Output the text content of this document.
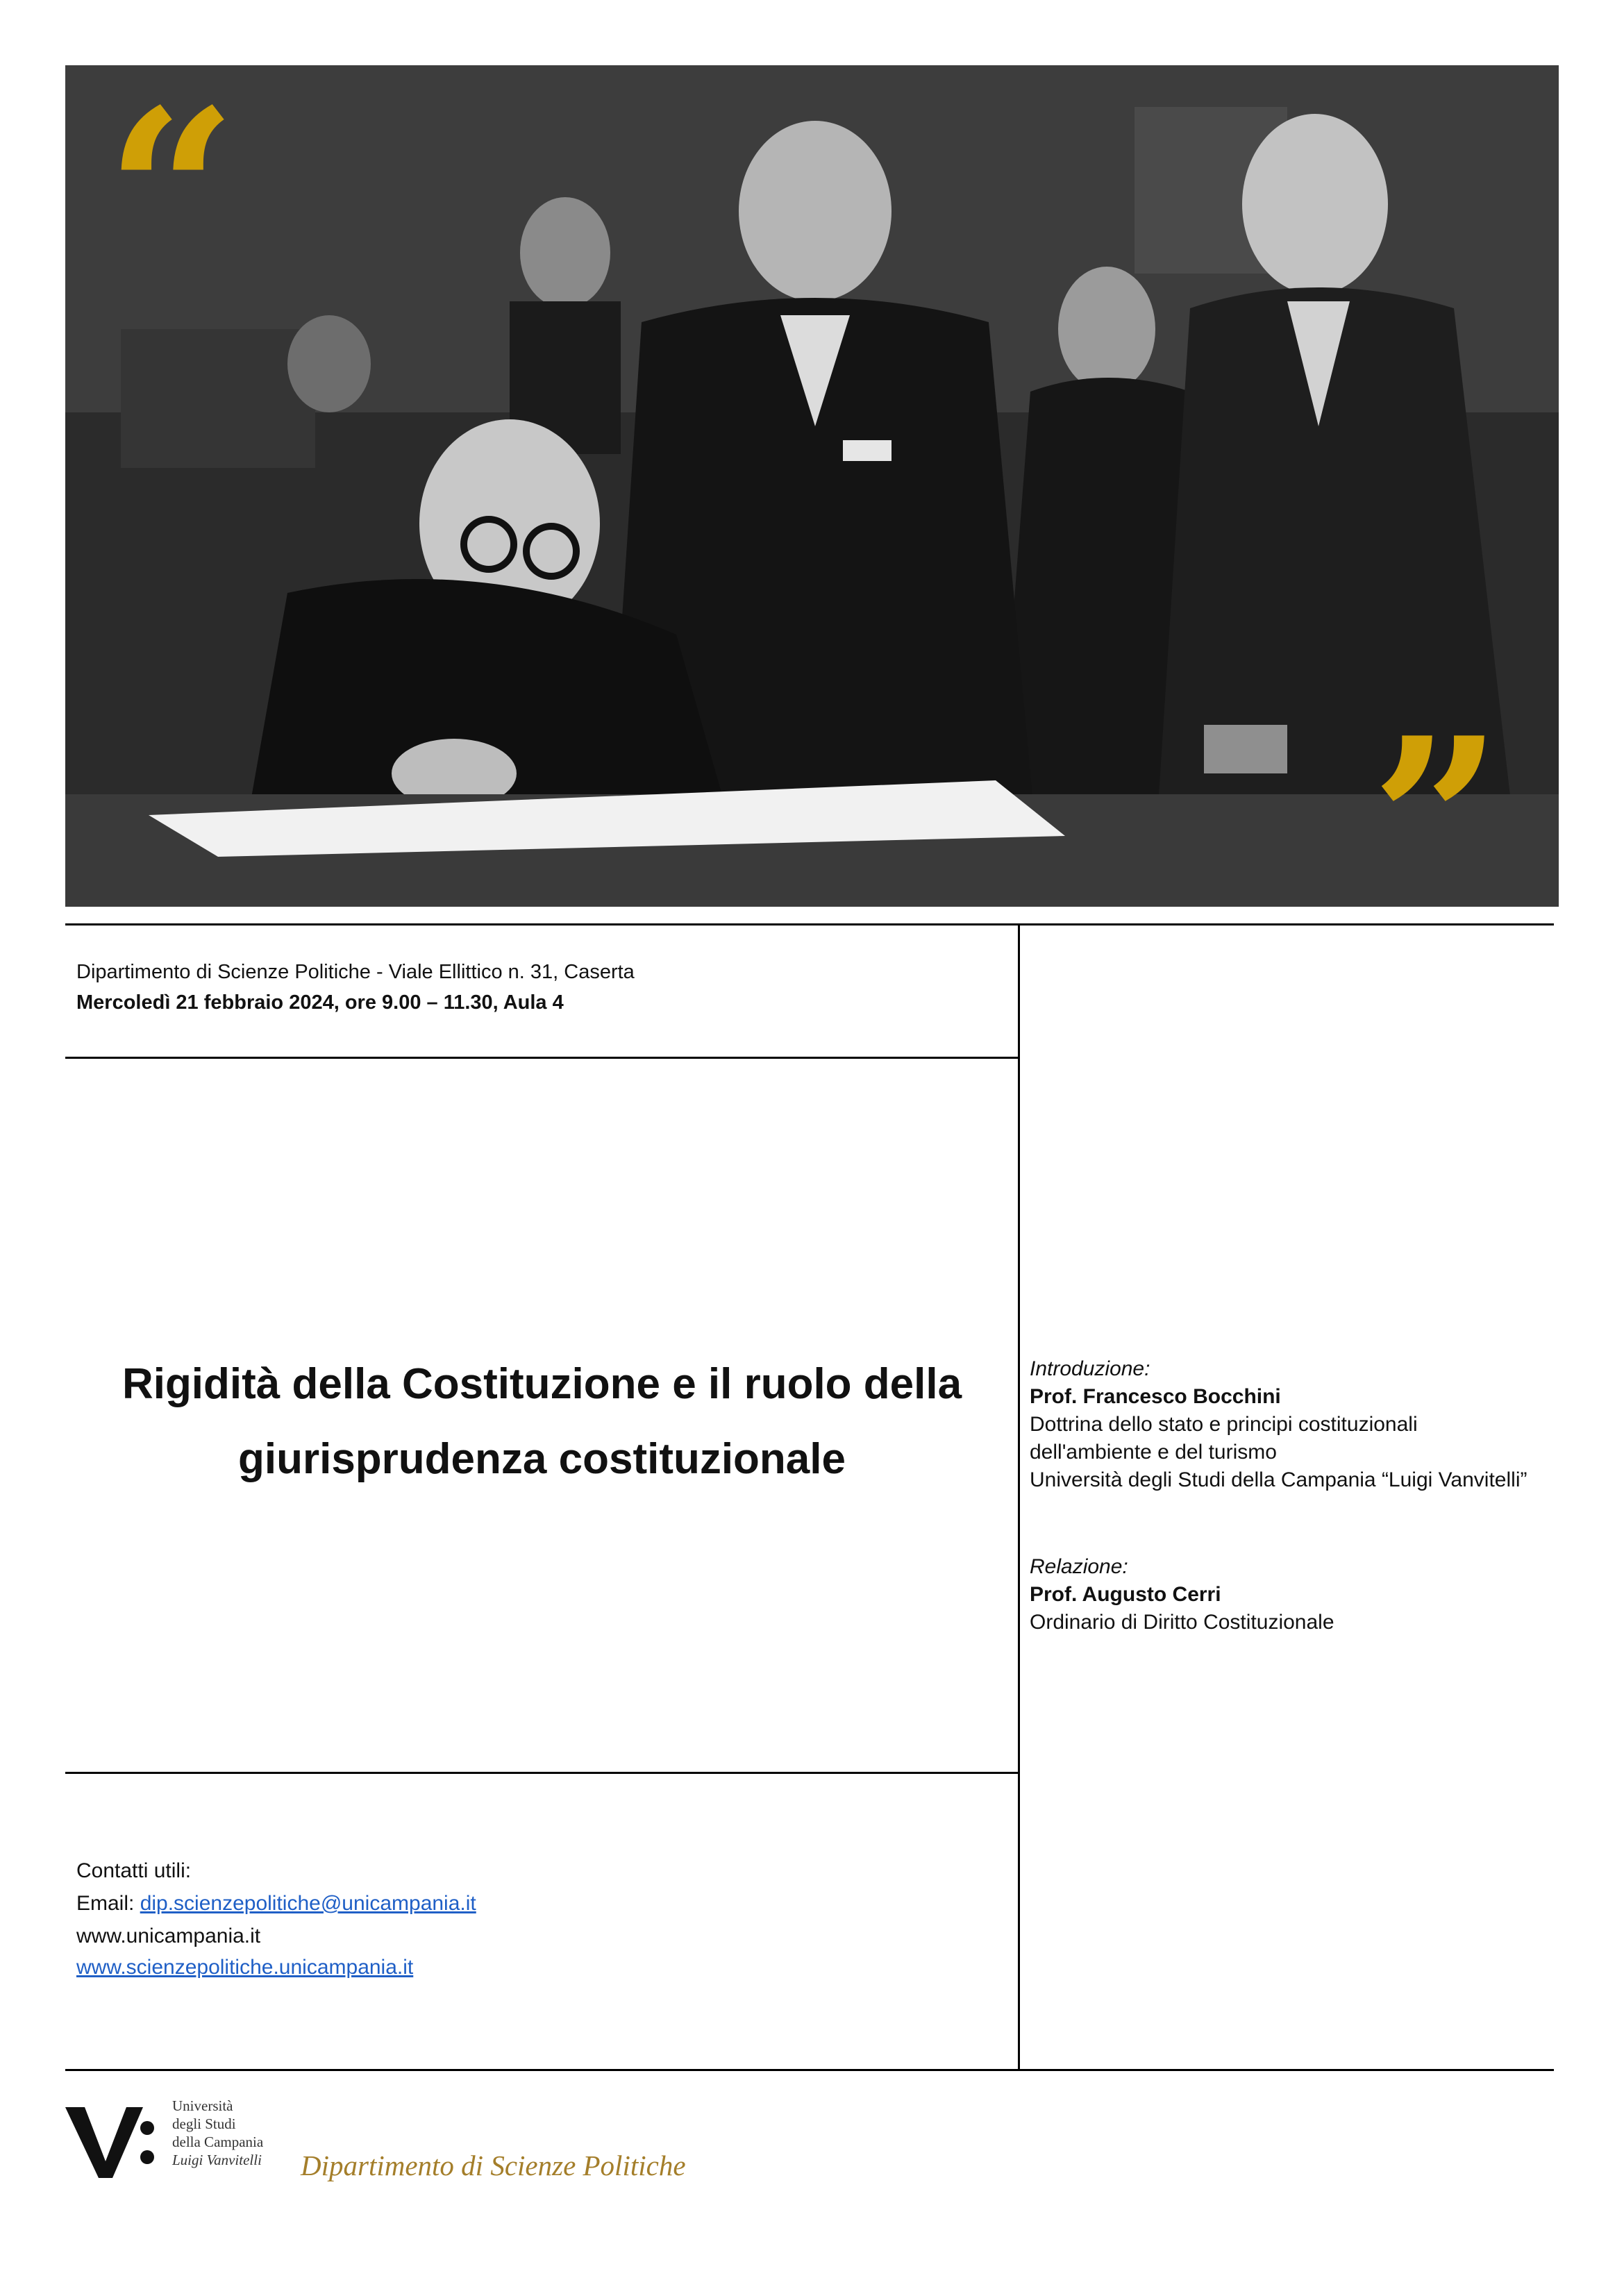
“
”
Dipartimento di Scienze Politiche - Viale Ellittico n. 31, Caserta
Mercoledì 21 febbraio 2024, ore 9.00 – 11.30, Aula 4
Rigidità della Costituzione e il ruolo della
giurisprudenza costituzionale
Introduzione:
Prof. Francesco Bocchini
Dottrina dello stato e principi costituzionali
dell'ambiente e del turismo
Università degli Studi della Campania “Luigi Vanvitelli”
Relazione:
Prof. Augusto Cerri
Ordinario di Diritto Costituzionale
Contatti utili:
Email: dip.scienzepolitiche@unicampania.it
www.unicampania.it
www.scienzepolitiche.unicampania.it
Università
degli Studi
della Campania
Luigi Vanvitelli Dipartimento di Scienze Politiche
